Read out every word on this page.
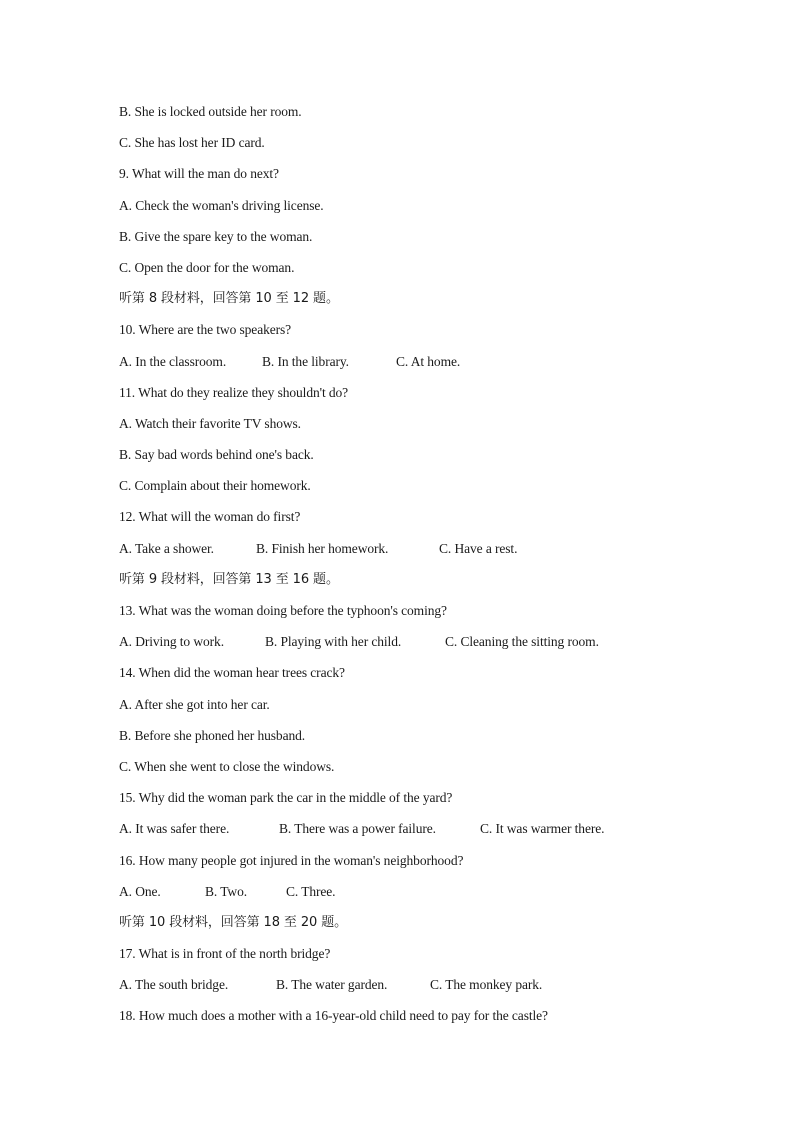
B. She is locked outside her room.
C. She has lost her ID card.
9. What will the man do next?
A. Check the woman's driving license.
B. Give the spare key to the woman.
C. Open the door for the woman.
听第 8 段材料，回答第 10 至 12 题。
10. Where are the two speakers?
A. In the classroom.	B. In the library.	C. At home.
11. What do they realize they shouldn't do?
A. Watch their favorite TV shows.
B. Say bad words behind one's back.
C. Complain about their homework.
12. What will the woman do first?
A. Take a shower.	B. Finish her homework.	C. Have a rest.
听第 9 段材料，回答第 13 至 16 题。
13. What was the woman doing before the typhoon's coming?
A. Driving to work.	B. Playing with her child.	C. Cleaning the sitting room.
14. When did the woman hear trees crack?
A. After she got into her car.
B. Before she phoned her husband.
C. When she went to close the windows.
15. Why did the woman park the car in the middle of the yard?
A. It was safer there.	B. There was a power failure.	C. It was warmer there.
16. How many people got injured in the woman's neighborhood?
A. One.	B. Two.	C. Three.
听第 10 段材料，回答第 18 至 20 题。
17. What is in front of the north bridge?
A. The south bridge.	B. The water garden.	C. The monkey park.
18. How much does a mother with a 16-year-old child need to pay for the castle?
